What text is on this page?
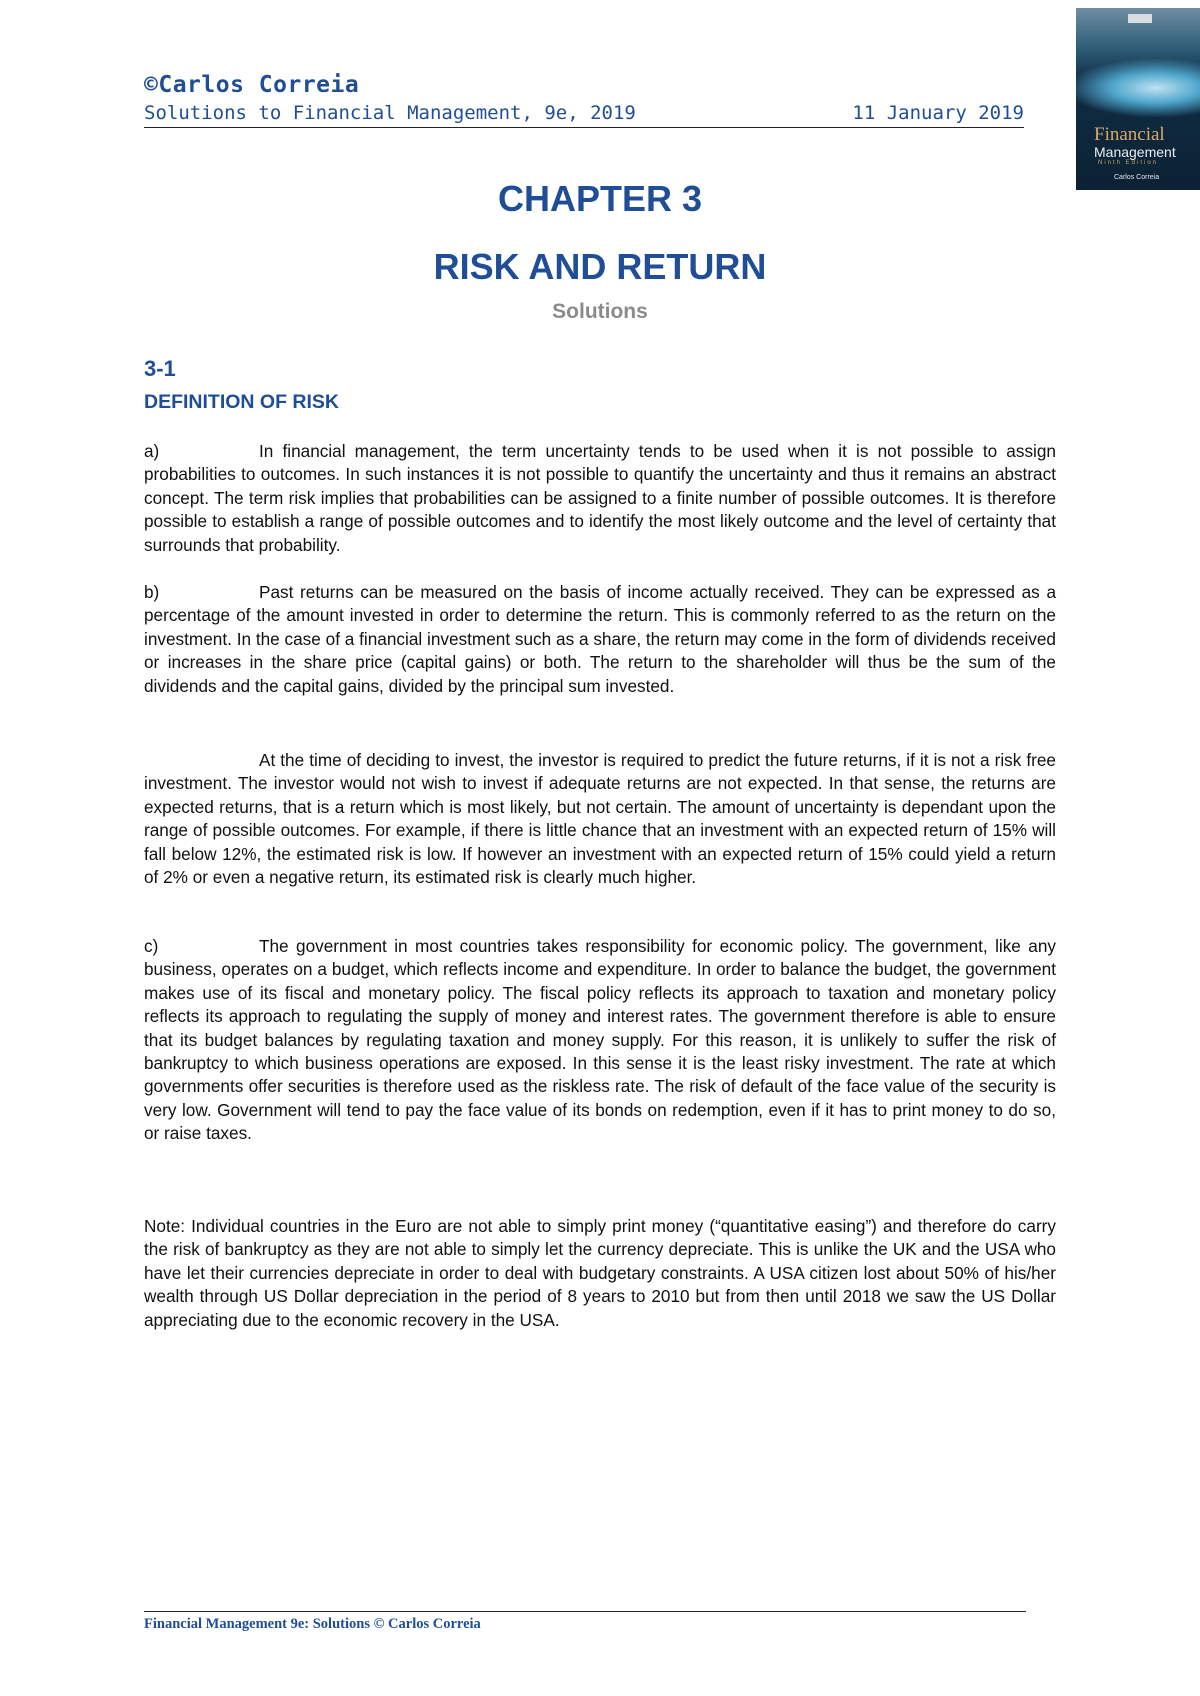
©Carlos Correia
Solutions to Financial Management, 9e, 2019	11 January 2019
Financial
Management
Ninth Edition
Carlos Correia
CHAPTER 3
RISK AND RETURN
Solutions
3-1
DEFINITION OF RISK

a)	In financial management, the term uncertainty tends to be used when it is not possible to assign probabilities to outcomes. In such instances it is not possible to quantify the uncertainty and thus it remains an abstract concept. The term risk implies that probabilities can be assigned to a finite number of possible outcomes. It is therefore possible to establish a range of possible outcomes and to identify the most likely outcome and the level of certainty that surrounds that probability.

b)	Past returns can be measured on the basis of income actually received. They can be expressed as a percentage of the amount invested in order to determine the return. This is commonly referred to as the return on the investment. In the case of a financial investment such as a share, the return may come in the form of dividends received or increases in the share price (capital gains) or both. The return to the shareholder will thus be the sum of the dividends and the capital gains, divided by the principal sum invested.

At the time of deciding to invest, the investor is required to predict the future returns, if it is not a risk free investment. The investor would not wish to invest if adequate returns are not expected. In that sense, the returns are expected returns, that is a return which is most likely, but not certain. The amount of uncertainty is dependant upon the range of possible outcomes. For example, if there is little chance that an investment with an expected return of 15% will fall below 12%, the estimated risk is low. If however an investment with an expected return of 15% could yield a return of 2% or even a negative return, its estimated risk is clearly much higher.

c)	The government in most countries takes responsibility for economic policy. The government, like any business, operates on a budget, which reflects income and expenditure. In order to balance the budget, the government makes use of its fiscal and monetary policy. The fiscal policy reflects its approach to taxation and monetary policy reflects its approach to regulating the supply of money and interest rates. The government therefore is able to ensure that its budget balances by regulating taxation and money supply. For this reason, it is unlikely to suffer the risk of bankruptcy to which business operations are exposed. In this sense it is the least risky investment. The rate at which governments offer securities is therefore used as the riskless rate. The risk of default of the face value of the security is very low. Government will tend to pay the face value of its bonds on redemption, even if it has to print money to do so, or raise taxes.

Note: Individual countries in the Euro are not able to simply print money (“quantitative easing”) and therefore do carry the risk of bankruptcy as they are not able to simply let the currency depreciate. This is unlike the UK and the USA who have let their currencies depreciate in order to deal with budgetary constraints. A USA citizen lost about 50% of his/her wealth through US Dollar depreciation in the period of 8 years to 2010 but from then until 2018 we saw the US Dollar appreciating due to the economic recovery in the USA.

Financial Management 9e: Solutions © Carlos Correia
